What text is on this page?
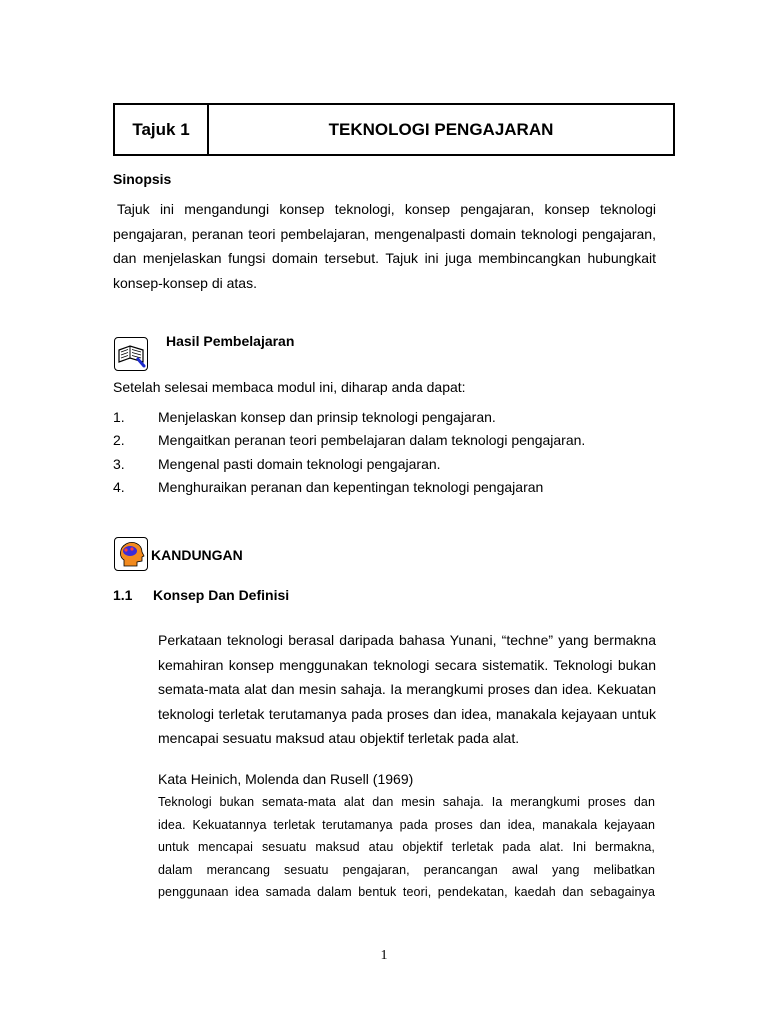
Tajuk 1	TEKNOLOGI PENGAJARAN
Sinopsis
Tajuk ini mengandungi konsep teknologi, konsep pengajaran, konsep teknologi
pengajaran, peranan teori pembelajaran, mengenalpasti domain teknologi pengajaran,
dan menjelaskan fungsi domain tersebut. Tajuk ini juga membincangkan hubungkait
konsep-konsep di atas.
Hasil Pembelajaran
Setelah selesai membaca modul ini, diharap anda dapat:
1.	Menjelaskan konsep dan prinsip teknologi pengajaran.
2.	Mengaitkan peranan teori pembelajaran dalam teknologi pengajaran.
3.	Mengenal pasti domain teknologi pengajaran.
4.	Menghuraikan peranan dan kepentingan teknologi pengajaran
KANDUNGAN
1.1 Konsep Dan Definisi
Perkataan teknologi berasal daripada bahasa Yunani, “techne” yang bermakna
kemahiran konsep menggunakan teknologi secara sistematik. Teknologi bukan
semata-mata alat dan mesin sahaja. Ia merangkumi proses dan idea. Kekuatan
teknologi terletak terutamanya pada proses dan idea, manakala kejayaan untuk
mencapai sesuatu maksud atau objektif terletak pada alat.
Kata Heinich, Molenda dan Rusell (1969)
Teknologi bukan semata-mata alat dan mesin sahaja. Ia merangkumi proses dan
idea. Kekuatannya terletak terutamanya pada proses dan idea, manakala kejayaan
untuk mencapai sesuatu maksud atau objektif terletak pada alat. Ini bermakna,
dalam merancang sesuatu pengajaran, perancangan awal yang melibatkan
penggunaan idea samada dalam bentuk teori, pendekatan, kaedah dan sebagainya
1
